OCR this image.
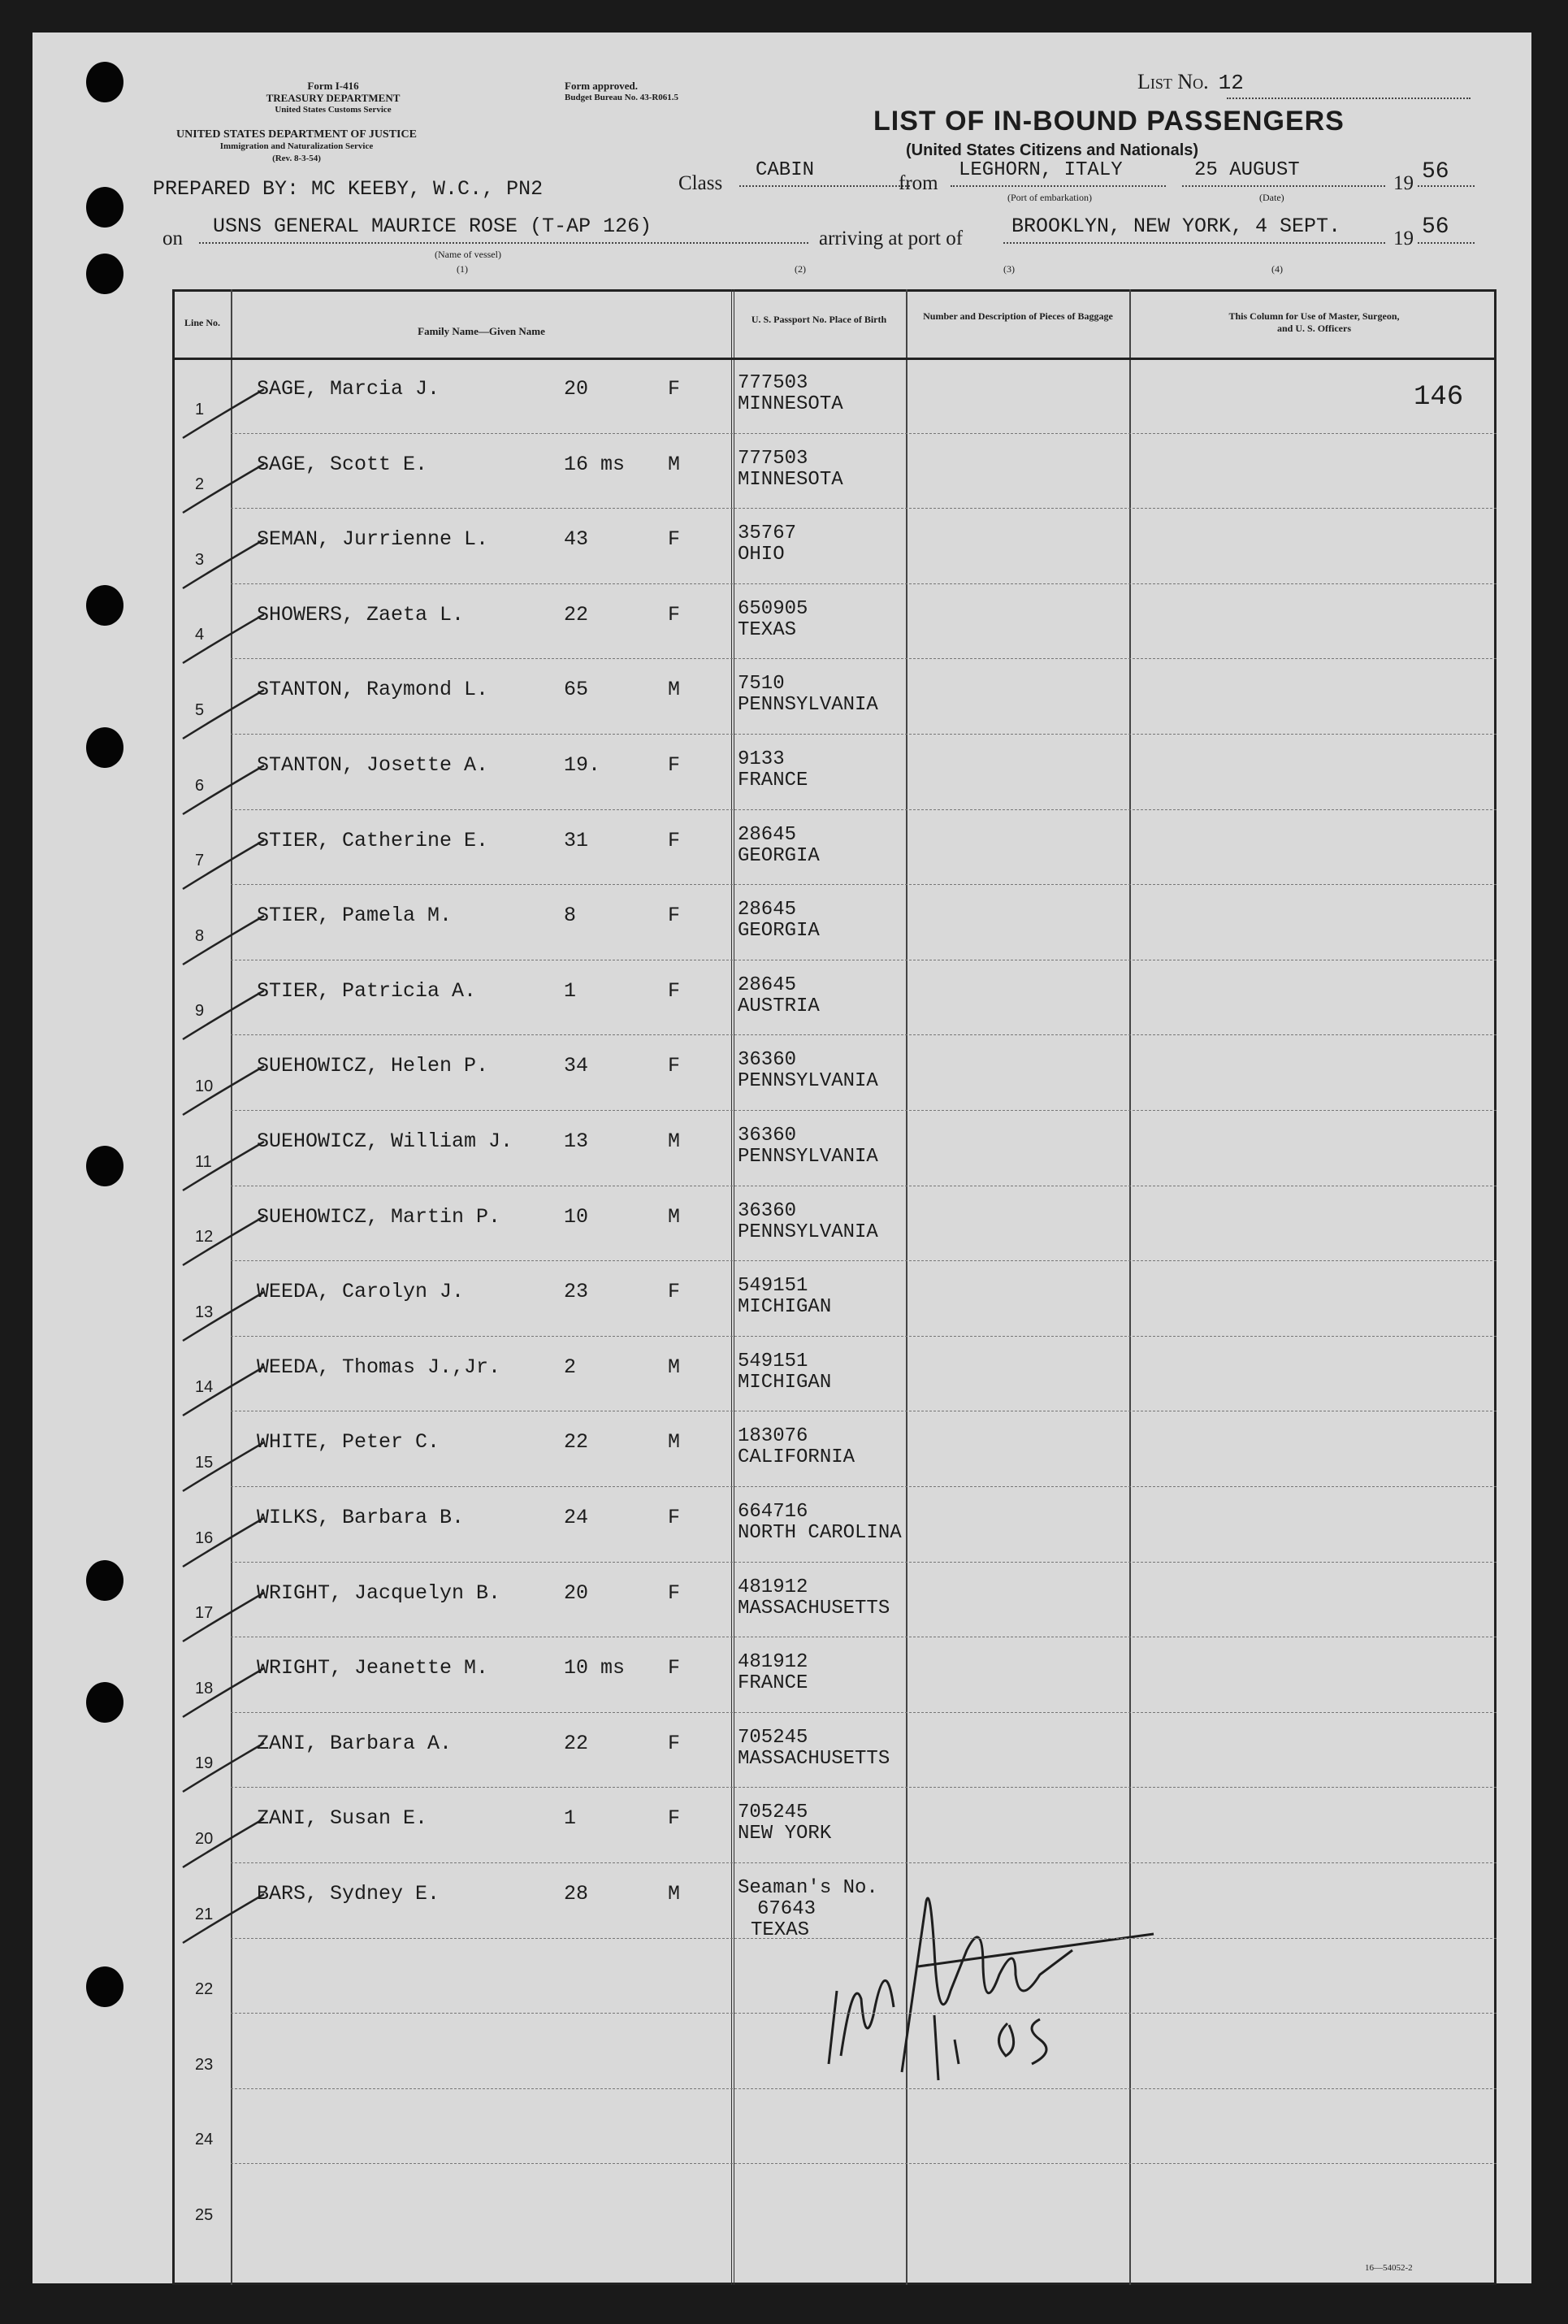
Form I-416
TREASURY DEPARTMENT
United States Customs Service
Form approved.
Budget Bureau No. 43-R061.5
UNITED STATES DEPARTMENT OF JUSTICE
Immigration and Naturalization Service
(Rev. 8-3-54)
List No. 12
LIST OF IN-BOUND PASSENGERS
(United States Citizens and Nationals)
PREPARED BY: MC KEEBY, W.C., PN2	Class
CABIN
from
LEGHORN, ITALY
(Port of embarkation)
25 AUGUST
(Date)
19 56
on
USNS GENERAL MAURICE ROSE (T-AP 126)
(Name of vessel)
arriving at port of
BROOKLYN, NEW YORK, 4 SEPT.
19 56
(1)	(2)	(3)	(4)
Line No.
Family Name—Given Name
U. S. Passport No. Place of Birth	Number and Description of Pieces of Baggage	This Column for Use of Master, Surgeon, and U. S. Officers
146
16—54052-2
1
SAGE, Marcia J.	20	F	777503
MINNESOTA
2
SAGE, Scott E.	16 ms M	777503
MINNESOTA
3
SEMAN, Jurrienne L.	43	F	35767
OHIO
4
SHOWERS, Zaeta L.	22	F	650905
TEXAS
5
STANTON, Raymond L.	65	M	7510
PENNSYLVANIA
6
STANTON, Josette A.	19.	F	9133
FRANCE
7
STIER, Catherine E.	31	F	28645
GEORGIA
8
STIER, Pamela M.	8	F	28645
GEORGIA
9
STIER, Patricia A.	1	F	28645
AUSTRIA
10
SUEHOWICZ, Helen P.	34	F	36360
PENNSYLVANIA
11
SUEHOWICZ, William J.	13	M	36360
PENNSYLVANIA
12
SUEHOWICZ, Martin P.	10	M	36360
PENNSYLVANIA
13
WEEDA, Carolyn J.	23	F	549151
MICHIGAN
14
WEEDA, Thomas J.,Jr.	2	M	549151
MICHIGAN
15
WHITE, Peter C.	22	M	183076
CALIFORNIA
16
WILKS, Barbara B.	24	F	664716
NORTH CAROLINA
17
WRIGHT, Jacquelyn B.	20	F	481912
MASSACHUSETTS
18
WRIGHT, Jeanette M.	10 ms F	481912
FRANCE
19
ZANI, Barbara A.	22	F	705245
MASSACHUSETTS
20
ZANI, Susan E.	1	F	705245
NEW YORK
21
BARS, Sydney E.	28	M	Seaman's No.
67643
TEXAS
22
23
24
25
